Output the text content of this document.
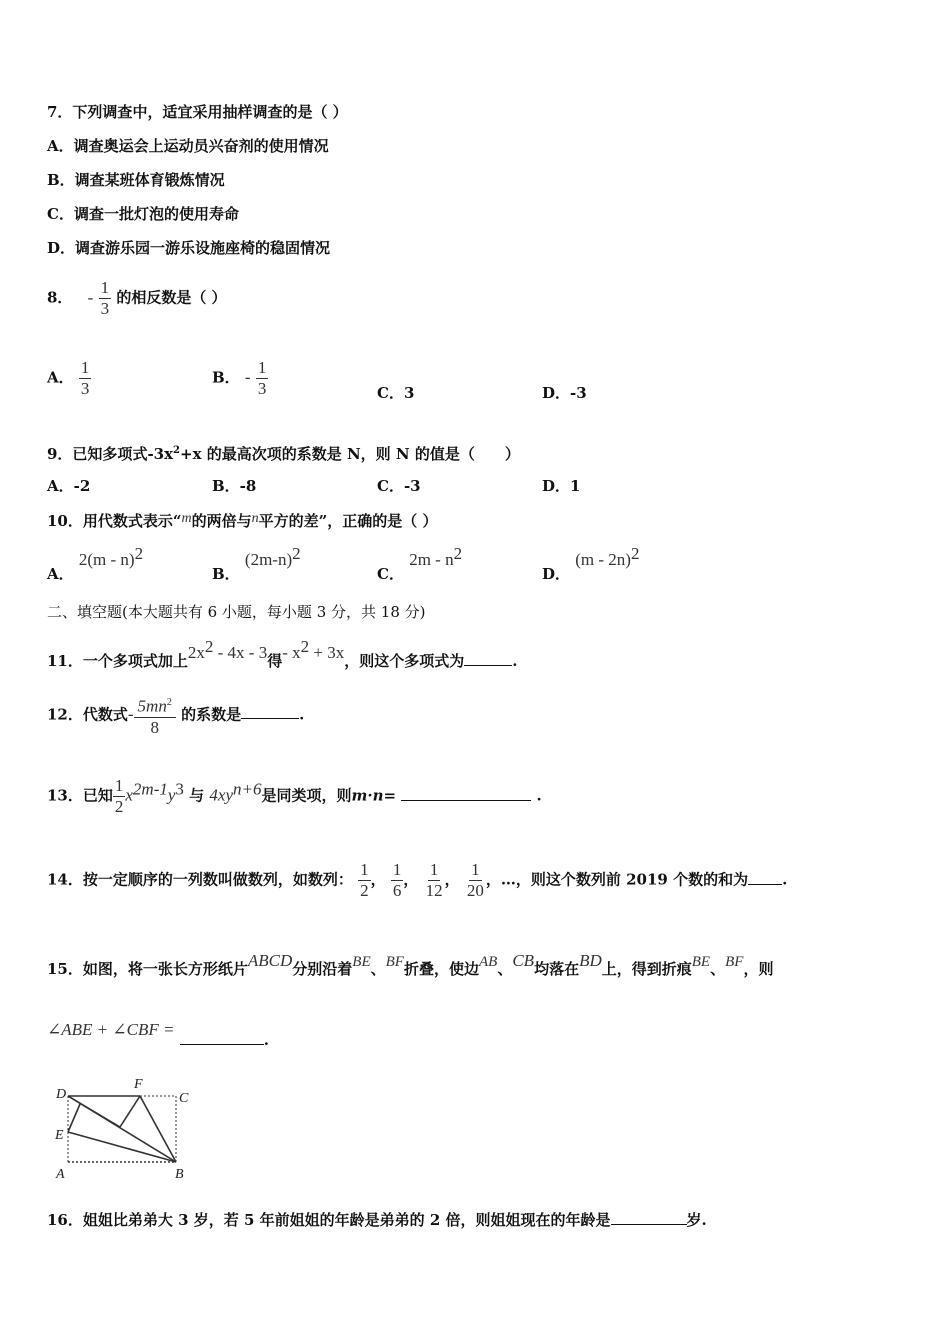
7．下列调查中，适宜采用抽样调查的是（ ）
A．调查奥运会上运动员兴奋剂的使用情况
B．调查某班体育锻炼情况
C．调查一批灯泡的使用寿命
D．调查游乐园一游乐设施座椅的稳固情况
8． - $\frac{1}{3}$ 的相反数是（ ）
A． $\frac{1}{3}$	B． - $\frac{1}{3}$	C．3	D．-3
9．已知多项式$-3x^2+x$ 的最高次项的系数是 N，则 N 的值是（　　）
A．-2	B．-8	C．-3	D．1
10．用代数式表示“m的两倍与n平方的差”，正确的是（ ）
A． 2(m - n)$^2$
B． $(2m-n)^2$
C． $2m - n^2$
D． (m - 2n)$^2$
二、填空题(本大题共有 6 小题，每小题 3 分，共 18 分)
11．一个多项式加上$2x^2 - 4x - 3$得- $x^2 + 3x$，则这个多项式为	.
12．代数式- $\frac{5mn^2}{8}$ 的系数是	.
13．已知 $\frac{1}{2} x^{2m-1}y^3$ 与 $4xy^{n+6}$是同类项，则m·n=	.
14．按一定顺序的一列数叫做数列，如数列： $\frac{1}{2}$ ， $\frac{1}{6}$ ， $\frac{1}{12}$ ， $\frac{1}{20}$ ，…，则这个数列前 2019 个数的和为 .
15．如图，将一张长方形纸片ABCD分别沿着BE、BF折叠，使边AB、CB均落在BD上，得到折痕BE、BF，则
∠ABE + ∠CBF = .
D
F
C
E
A	B
16．姐姐比弟弟大 3 岁，若 5 年前姐姐的年龄是弟弟的 2 倍，则姐姐现在的年龄是	岁.
